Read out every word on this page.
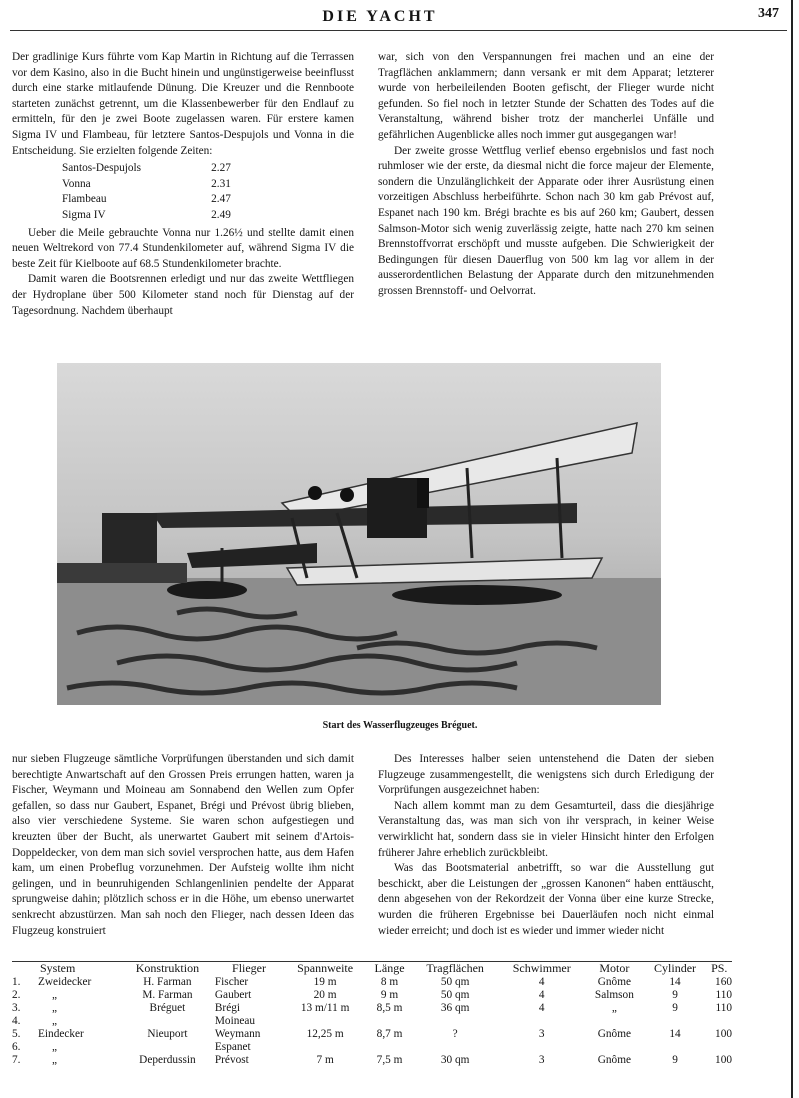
DIE YACHT	347

Der gradlinige Kurs führte vom Kap Martin in Richtung auf die Terrassen vor dem Kasino, also in die Bucht hinein und ungünstigerweise beeinflusst durch eine starke mitlaufende Dünung. Die Kreuzer und die Rennboote starteten zunächst getrennt, um die Klassenbewerber für den Endlauf zu ermitteln, für den je zwei Boote zugelassen waren. Für erstere kamen Sigma IV und Flambeau, für letztere Santos-Despujols und Vonna in die Entscheidung. Sie erzielten folgende Zeiten:

Santos-Despujols	2.27
Vonna	2.31
Flambeau	2.47
Sigma IV	2.49

Ueber die Meile gebrauchte Vonna nur 1.26½ und stellte damit einen neuen Weltrekord von 77.4 Stundenkilometer auf, während Sigma IV die beste Zeit für Kielboote auf 68.5 Stundenkilometer brachte.

Damit waren die Bootsrennen erledigt und nur das zweite Wettfliegen der Hydroplane über 500 Kilometer stand noch für Dienstag auf der Tagesordnung. Nachdem überhaupt

war, sich von den Verspannungen frei machen und an eine der Tragflächen anklammern; dann versank er mit dem Apparat; letzterer wurde von herbeileilenden Booten gefischt, der Flieger wurde nicht gefunden. So fiel noch in letzter Stunde der Schatten des Todes auf die Veranstaltung, während bisher trotz der mancherlei Unfälle und gefährlichen Augenblicke alles noch immer gut ausgegangen war!

Der zweite grosse Wettflug verlief ebenso ergebnislos und fast noch ruhmloser wie der erste, da diesmal nicht die force majeur der Elemente, sondern die Unzulänglichkeit der Apparate oder ihrer Ausrüstung einen vorzeitigen Abschluss herbeiführte. Schon nach 30 km gab Prévost auf, Espanet nach 190 km. Brégi brachte es bis auf 260 km; Gaubert, dessen Salmson-Motor sich wenig zuverlässig zeigte, hatte nach 270 km seinen Brennstoffvorrat erschöpft und musste aufgeben. Die Schwierigkeit der Bedingungen für diesen Dauerflug von 500 km lag vor allem in der ausserordentlichen Belastung der Apparate durch den mitzunehmenden grossen Brennstoff- und Oelvorrat.

Start des Wasserflugzeuges Bréguet.

nur sieben Flugzeuge sämtliche Vorprüfungen überstanden und sich damit berechtigte Anwartschaft auf den Grossen Preis errungen hatten, waren ja Fischer, Weymann und Moineau am Sonnabend den Wellen zum Opfer gefallen, so dass nur Gaubert, Espanet, Brégi und Prévost übrig blieben, also vier verschiedene Systeme. Sie waren schon aufgestiegen und kreuzten über der Bucht, als unerwartet Gaubert mit seinem d'Artois-Doppeldecker, von dem man sich soviel versprochen hatte, aus dem Hafen kam, um einen Probeflug vorzunehmen. Der Aufsteig wollte ihm nicht gelingen, und in beunruhigenden Schlangenlinien pendelte der Apparat sprungweise dahin; plötzlich schoss er in die Höhe, um ebenso unerwartet senkrecht abzustürzen. Man sah noch den Flieger, nach dessen Ideen das Flugzeug konstruiert

Des Interesses halber seien untenstehend die Daten der sieben Flugzeuge zusammengestellt, die wenigstens sich durch Erledigung der Vorprüfungen ausgezeichnet haben:

Nach allem kommt man zu dem Gesamturteil, dass die diesjährige Veranstaltung das, was man sich von ihr versprach, in keiner Weise verwirklicht hat, sondern dass sie in vieler Hinsicht hinter den Erfolgen früherer Jahre erheblich zurückbleibt.

Was das Bootsmaterial anbetrifft, so war die Ausstellung gut beschickt, aber die Leistungen der „grossen Kanonen“ haben enttäuscht, denn abgesehen von der Rekordzeit der Vonna über eine kurze Strecke, wurden die früheren Ergebnisse bei Dauerläufen noch nicht einmal wieder erreicht; und doch ist es wieder und immer wieder nicht

System		Konstruktion	Flieger	Spannweite	Länge	Tragflächen	Schwimmer	Motor	Cylinder	PS.
1.	Zweidecker	H. Farman	Fischer	19 m	8 m	50 qm	4	Gnôme	14	160
2.	„	M. Farman	Gaubert	20 m	9 m	50 qm	4	Salmson	9	110
3.	„	Bréguet	Brégi	13 m/11 m	8,5 m	36 qm	4	„	9	110
4.	„		Moineau							
5.	Eindecker	Nieuport	Weymann	12,25 m	8,7 m	?	3	Gnôme	14	100
6.	„		Espanet							
7.	„	Deperdussin	Prévost	7 m	7,5 m	30 qm	3	Gnôme	9	100
